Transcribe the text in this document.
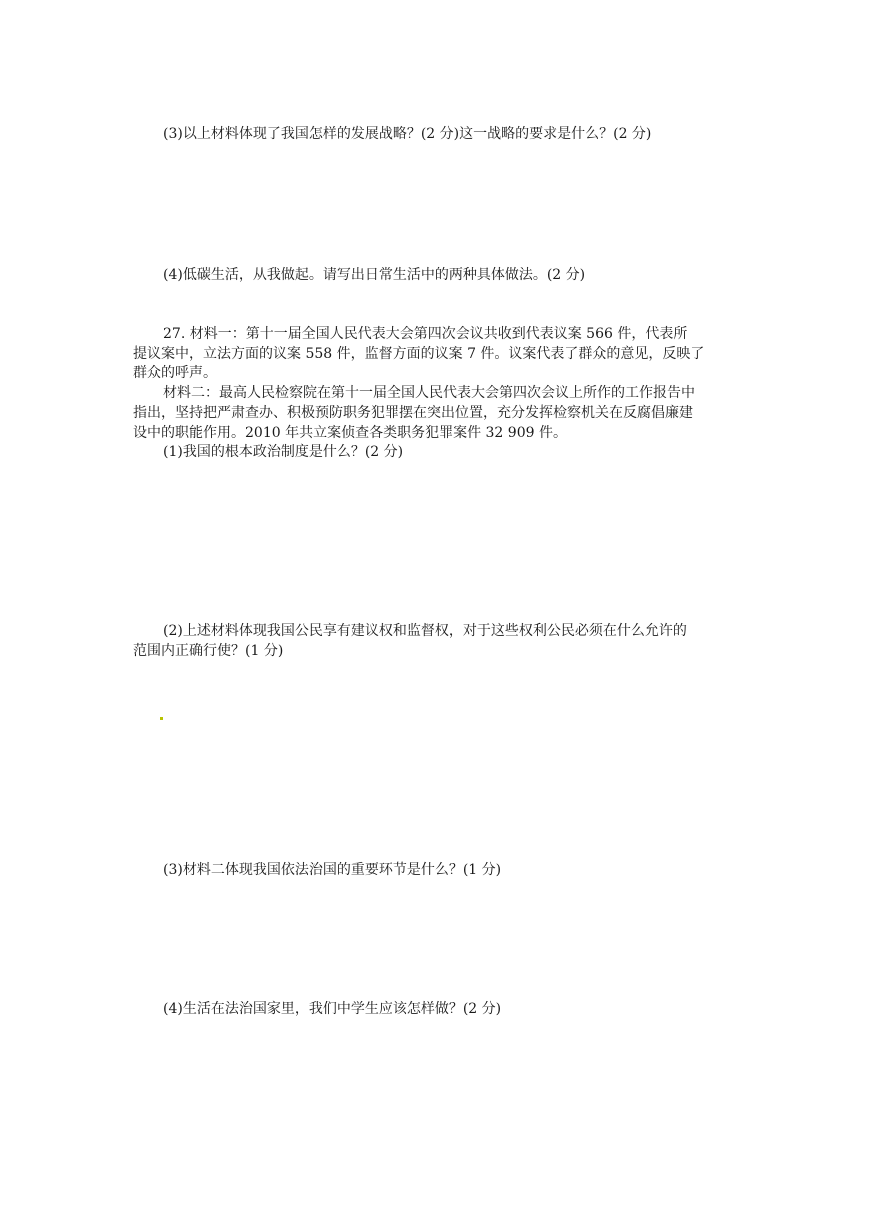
(3)以上材料体现了我国怎样的发展战略？(2 分)这一战略的要求是什么？(2 分)
(4)低碳生活，从我做起。请写出日常生活中的两种具体做法。(2 分)
27. 材料一：第十一届全国人民代表大会第四次会议共收到代表议案 566 件，代表所
提议案中，立法方面的议案 558 件，监督方面的议案 7 件。议案代表了群众的意见，反映了
群众的呼声。
材料二：最高人民检察院在第十一届全国人民代表大会第四次会议上所作的工作报告中
指出，坚持把严肃查办、积极预防职务犯罪摆在突出位置，充分发挥检察机关在反腐倡廉建
设中的职能作用。2010 年共立案侦查各类职务犯罪案件 32 909 件。
(1)我国的根本政治制度是什么？(2 分)
(2)上述材料体现我国公民享有建议权和监督权，对于这些权利公民必须在什么允许的
范围内正确行使？(1 分)
(3)材料二体现我国依法治国的重要环节是什么？(1 分)
(4)生活在法治国家里，我们中学生应该怎样做？(2 分)
